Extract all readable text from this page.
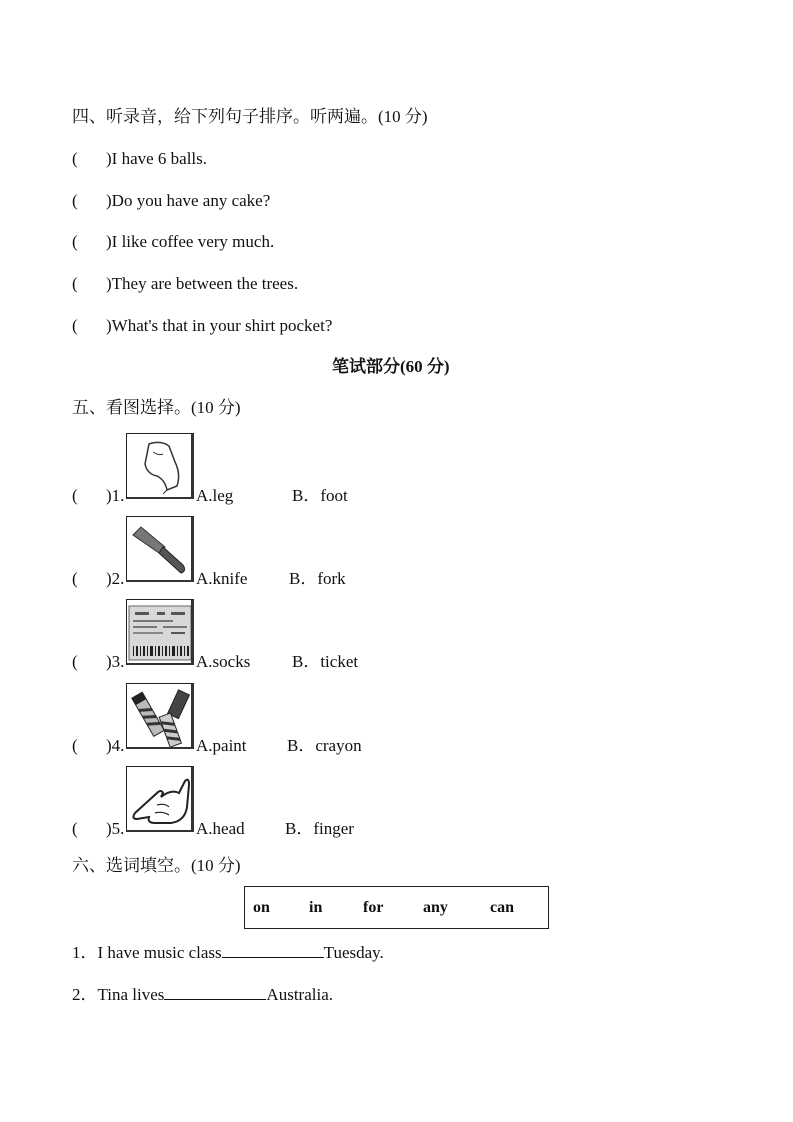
四、听录音，给下列句子排序。听两遍。(10 分)
( )I have 6 balls.
( )Do you have any cake?
( )I like coffee very much.
( )They are between the trees.
( )What's that in your shirt pocket?
笔试部分(60 分)
五、看图选择。(10 分)
( )1.	A.leg	B．foot
( )2.	A.knife B．fork
( )3.	A.socks B．ticket
( )4.	A.paint B．crayon
( )5.	A.head B．finger
六、选词填空。(10 分)
on in	for any	can
1．I have music class	Tuesday.
2．Tina lives	Australia.
